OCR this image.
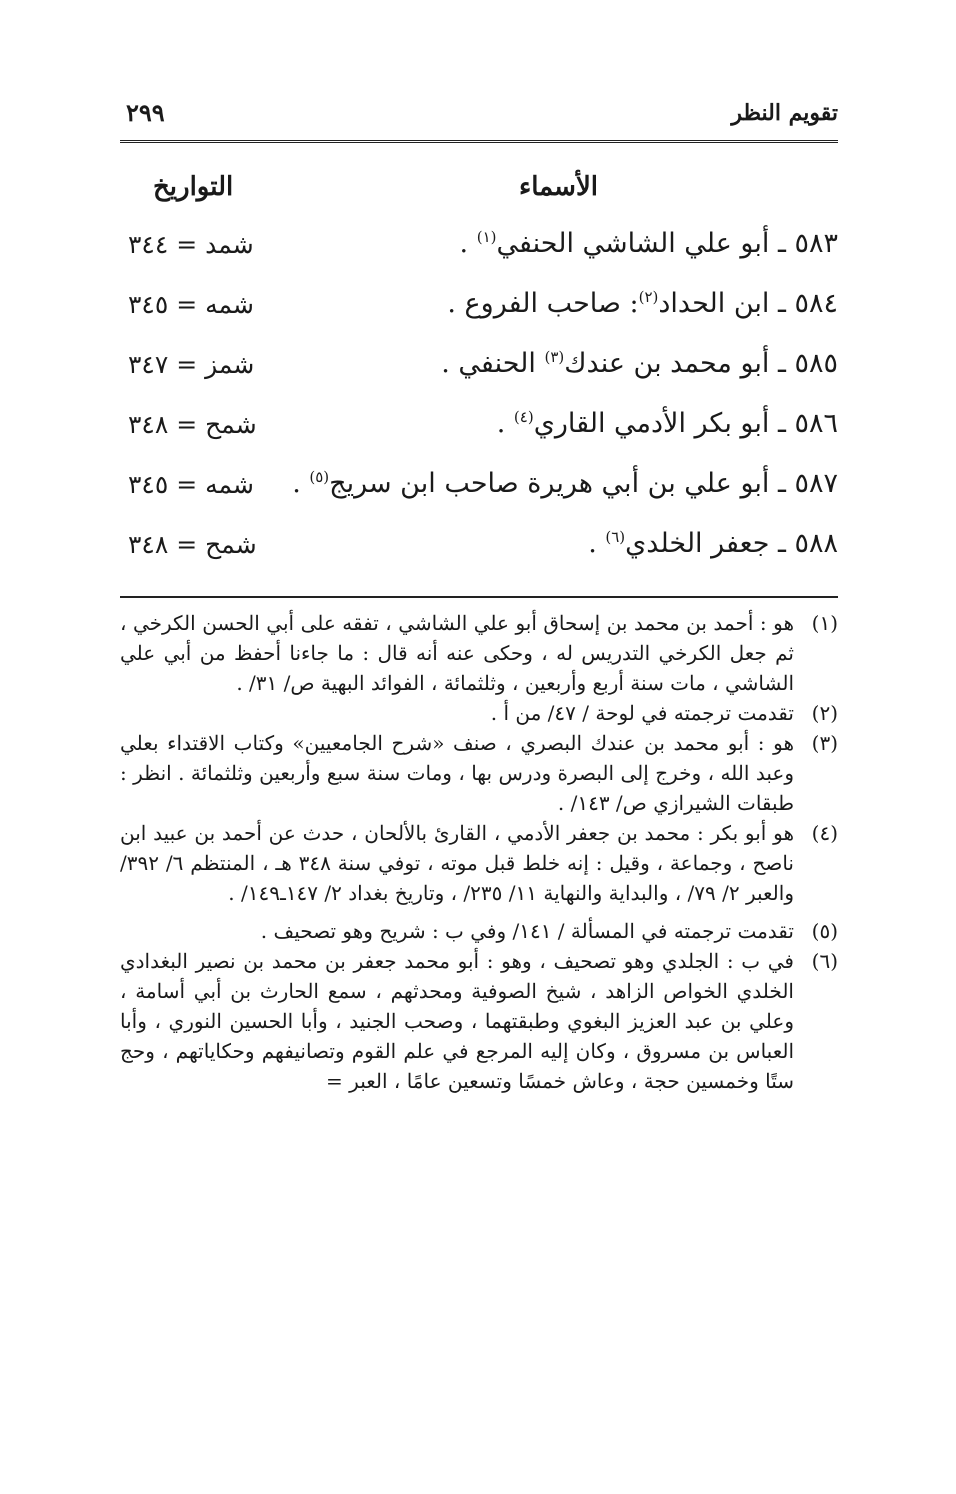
تقويم النظر
٢٩٩
الأسماء
التواريخ
٥٨٣ ـ أبو علي الشاشي الحنفي$^{(١)}$ .
شمد = ٣٤٤
٥٨٤ ـ ابن الحداد$^{(٢)}$: صاحب الفروع .
شمه = ٣٤٥
٥٨٥ ـ أبو محمد بن عندك$^{(٣)}$ الحنفي .
شمز = ٣٤٧
٥٨٦ ـ أبو بكر الأدمي القاري$^{(٤)}$ .
شمح = ٣٤٨
٥٨٧ ـ أبو علي بن أبي هريرة صاحب ابن سريج$^{(٥)}$ .
شمه = ٣٤٥
٥٨٨ ـ جعفر الخلدي$^{(٦)}$ .
شمح = ٣٤٨
(١)
هو : أحمد بن محمد بن إسحاق أبو علي الشاشي ، تفقه على أبي الحسن الكرخي ، ثم جعل الكرخي التدريس له ، وحكى عنه أنه قال : ما جاءنا أحفظ من أبي علي الشاشي ، مات سنة أربع وأربعين ، وثلثمائة ، الفوائد البهية ص/ ٣١/ .
(٢)
تقدمت ترجمته في لوحة / ٤٧/ من أ .
(٣)
هو : أبو محمد بن عندك البصري ، صنف «شرح الجامعيين» وكتاب الاقتداء بعلي وعبد الله ، وخرج إلى البصرة ودرس بها ، ومات سنة سبع وأربعين وثلثمائة . انظر : طبقات الشيرازي ص/ ١٤٣/ .
(٤)
هو أبو بكر : محمد بن جعفر الأدمي ، القارئ بالألحان ، حدث عن أحمد بن عبيد ابن ناصح ، وجماعة ، وقيل : إنه خلط قبل موته ، توفي سنة ٣٤٨ هـ ، المنتظم ٦/ ٣٩٢/ والعبر ٢/ ٧٩/ ، والبداية والنهاية ١١/ ٢٣٥/ ، وتاريخ بغداد ٢/ ١٤٧ـ١٤٩/ .
(٥)
تقدمت ترجمته في المسألة / ١٤١/ وفي ب : شريح وهو تصحيف .
(٦)
في ب : الجلدي وهو تصحيف ، وهو : أبو محمد جعفر بن محمد بن نصير البغدادي الخلدي الخواص الزاهد ، شيخ الصوفية ومحدثهم ، سمع الحارث بن أبي أسامة ، وعلي بن عبد العزيز البغوي وطبقتهما ، وصحب الجنيد ، وأبا الحسين النوري ، وأبا العباس بن مسروق ، وكان إليه المرجع في علم القوم وتصانيفهم وحكاياتهم ، وحج ستًا وخمسين حجة ، وعاش خمسًا وتسعين عامًا ، العبر =
